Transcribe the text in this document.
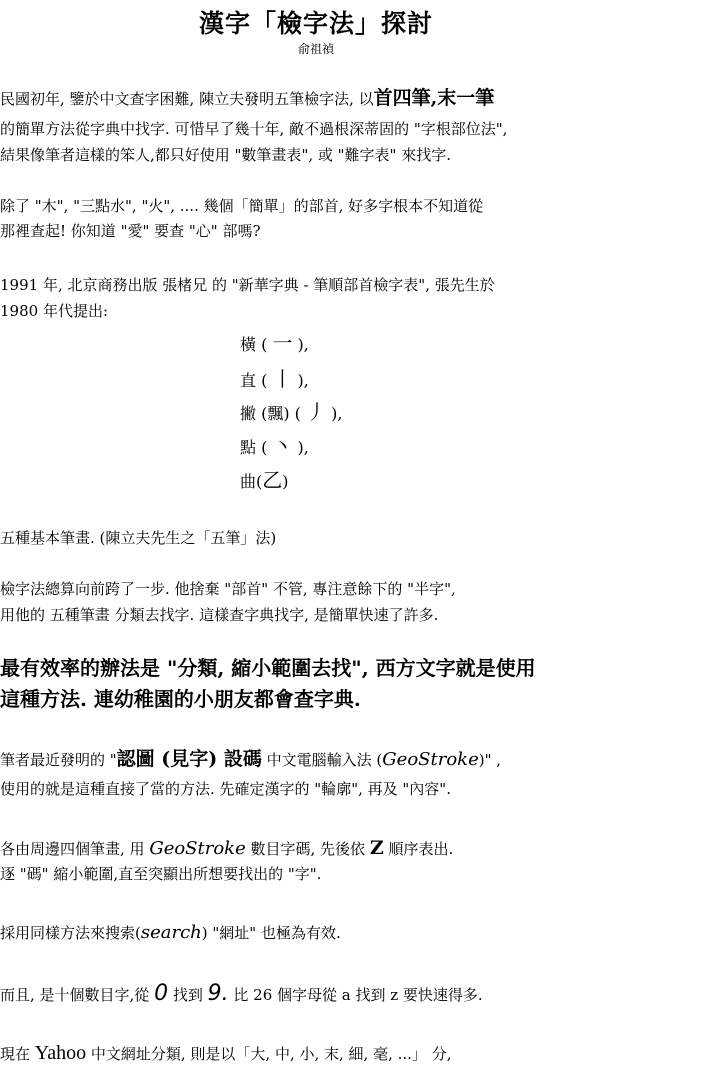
漢字「檢字法」探討
俞祖禎
民國初年, 鑒於中文查字困難, 陳立夫發明五筆檢字法, 以首四筆,末一筆
的簡單方法從字典中找字. 可惜早了幾十年, 敵不過根深蒂固的 "字根部位法",
結果像筆者這樣的笨人,都只好使用 "數筆畫表", 或 "難字表" 來找字.
除了 "木", "三點水", "火", .... 幾個「簡單」的部首, 好多字根本不知道從
那裡查起! 你知道 "愛" 要查 "心" 部嗎?
1991 年, 北京商務出版 張楮兄 的 "新華字典 - 筆順部首檢字表", 張先生於
1980 年代提出:
橫 ( 一 ),
直 ( 丨 ),
撇 (飄) ( 丿 ),
點 ( 丶 ),
曲(乙)
五種基本筆畫. (陳立夫先生之「五筆」法)
檢字法總算向前跨了一步. 他捨棄 "部首" 不管, 專注意餘下的 "半字",
用他的 五種筆畫 分類去找字. 這樣查字典找字, 是簡單快速了許多.
最有效率的辦法是 "分類, 縮小範圍去找", 西方文字就是使用
這種方法. 連幼稚園的小朋友都會查字典.
筆者最近發明的 "認圖 (見字) 設碼 中文電腦輸入法 (GeoStroke)" ,
使用的就是這種直接了當的方法. 先確定漢字的 "輪廓", 再及 "內容".
各由周邊四個筆畫, 用 GeoStroke 數目字碼, 先後依 Z 順序表出.
逐 "碼" 縮小範圍,直至突顯出所想要找出的 "字".
採用同樣方法來搜索(search) "網址" 也極為有效.
而且, 是十個數目字,從 0 找到 9. 比 26 個字母從 a 找到 z 要快速得多.
現在 Yahoo 中文網址分類, 則是以「大, 中, 小, 末, 細, 毫, ...」 分,
